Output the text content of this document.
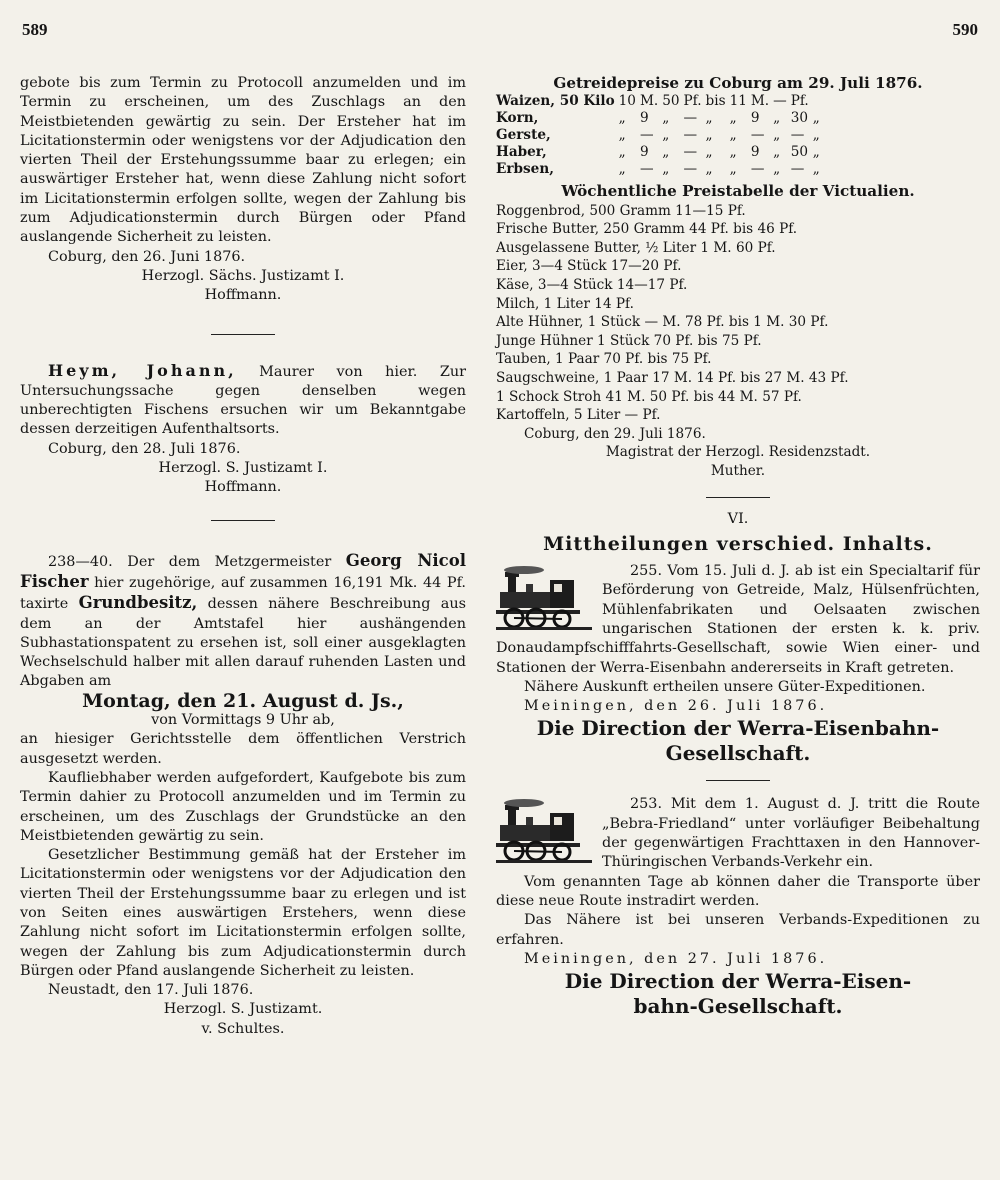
589	590

gebote bis zum Termin zu Protocoll anzumelden und im Termin zu erscheinen, um des Zuschlags an den Meistbietenden gewärtig zu sein. Der Ersteher hat im Licitationstermin oder wenigstens vor der Adjudication den vierten Theil der Erstehungssumme baar zu erlegen; ein auswärtiger Ersteher hat, wenn diese Zahlung nicht sofort im Licitationstermin erfolgen sollte, wegen der Zahlung bis zum Adjudicationstermin durch Bürgen oder Pfand auslangende Sicherheit zu leisten.

Coburg, den 26. Juni 1876.

Herzogl. Sächs. Justizamt I.

Hoffmann.

Heym, Johann, Maurer von hier. Zur Untersuchungssache gegen denselben wegen unberechtigten Fischens ersuchen wir um Bekanntgabe dessen derzeitigen Aufenthaltsorts.

Coburg, den 28. Juli 1876.

Herzogl. S. Justizamt I.

Hoffmann.

238—40. Der dem Metzgermeister Georg Nicol Fischer hier zugehörige, auf zusammen 16,191 Mk. 44 Pf. taxirte Grundbesitz, dessen nähere Beschreibung aus dem an der Amtstafel hier aushängenden Subhastationspatent zu ersehen ist, soll einer ausgeklagten Wechselschuld halber mit allen darauf ruhenden Lasten und Abgaben am

Montag, den 21. August d. Js.,

von Vormittags 9 Uhr ab,

an hiesiger Gerichtsstelle dem öffentlichen Verstrich ausgesetzt werden.

Kaufliebhaber werden aufgefordert, Kaufgebote bis zum Termin dahier zu Protocoll anzumelden und im Termin zu erscheinen, um des Zuschlags der Grundstücke an den Meistbietenden gewärtig zu sein.

Gesetzlicher Bestimmung gemäß hat der Ersteher im Licitationstermin oder wenigstens vor der Adjudication den vierten Theil der Erstehungssumme baar zu erlegen und ist von Seiten eines auswärtigen Erstehers, wenn diese Zahlung nicht sofort im Licitationstermin erfolgen sollte, wegen der Zahlung bis zum Adjudicationstermin durch Bürgen oder Pfand auslangende Sicherheit zu leisten.

Neustadt, den 17. Juli 1876.

Herzogl. S. Justizamt.

v. Schultes.

Getreidepreise zu Coburg am 29. Juli 1876.

Waizen, 50 Kilo	10	M.	50	Pf.	bis	11	M.	—	Pf.	
Korn,	„	9	„	—	„	„	9	„	30	„
Gerste,	„	—	„	—	„	„	—	„	—	„
Haber,	„	9	„	—	„	„	9	„	50	„
Erbsen,	„	—	„	—	„	„	—	„	—	„

Wöchentliche Preistabelle der Victualien.

Roggenbrod, 500 Gramm 11—15 Pf.
Frische Butter, 250 Gramm 44 Pf. bis 46 Pf.
Ausgelassene Butter, ½ Liter 1 M. 60 Pf.
Eier, 3—4 Stück 17—20 Pf.
Käse, 3—4 Stück 14—17 Pf.
Milch, 1 Liter 14 Pf.
Alte Hühner, 1 Stück — M. 78 Pf. bis 1 M. 30 Pf.
Junge Hühner 1 Stück 70 Pf. bis 75 Pf.
Tauben, 1 Paar 70 Pf. bis 75 Pf.
Saugschweine, 1 Paar 17 M. 14 Pf. bis 27 M. 43 Pf.
1 Schock Stroh 41 M. 50 Pf. bis 44 M. 57 Pf.
Kartoffeln, 5 Liter — Pf.

Coburg, den 29. Juli 1876.

Magistrat der Herzogl. Residenzstadt.

Muther.

VI.

Mittheilungen verschied. Inhalts.

255. Vom 15. Juli d. J. ab ist ein Specialtarif für Beförderung von Getreide, Malz, Hülsenfrüchten, Mühlenfabrikaten und Oelsaaten zwischen ungarischen Stationen der ersten k. k. priv. Donaudampfschifffahrts-Gesellschaft, sowie Wien einer- und Stationen der Werra-Eisenbahn andererseits in Kraft getreten.

Nähere Auskunft ertheilen unsere Güter-Expeditionen.

Meiningen, den 26. Juli 1876.

Die Direction der Werra-Eisenbahn-

Gesellschaft.

253. Mit dem 1. August d. J. tritt die Route „Bebra-Friedland“ unter vorläufiger Beibehaltung der gegenwärtigen Frachttaxen in den Hannover-Thüringischen Verbands-Verkehr ein.

Vom genannten Tage ab können daher die Transporte über diese neue Route instradirt werden.

Das Nähere ist bei unseren Verbands-Expeditionen zu erfahren.

Meiningen, den 27. Juli 1876.

Die Direction der Werra-Eisen-

bahn-Gesellschaft.
